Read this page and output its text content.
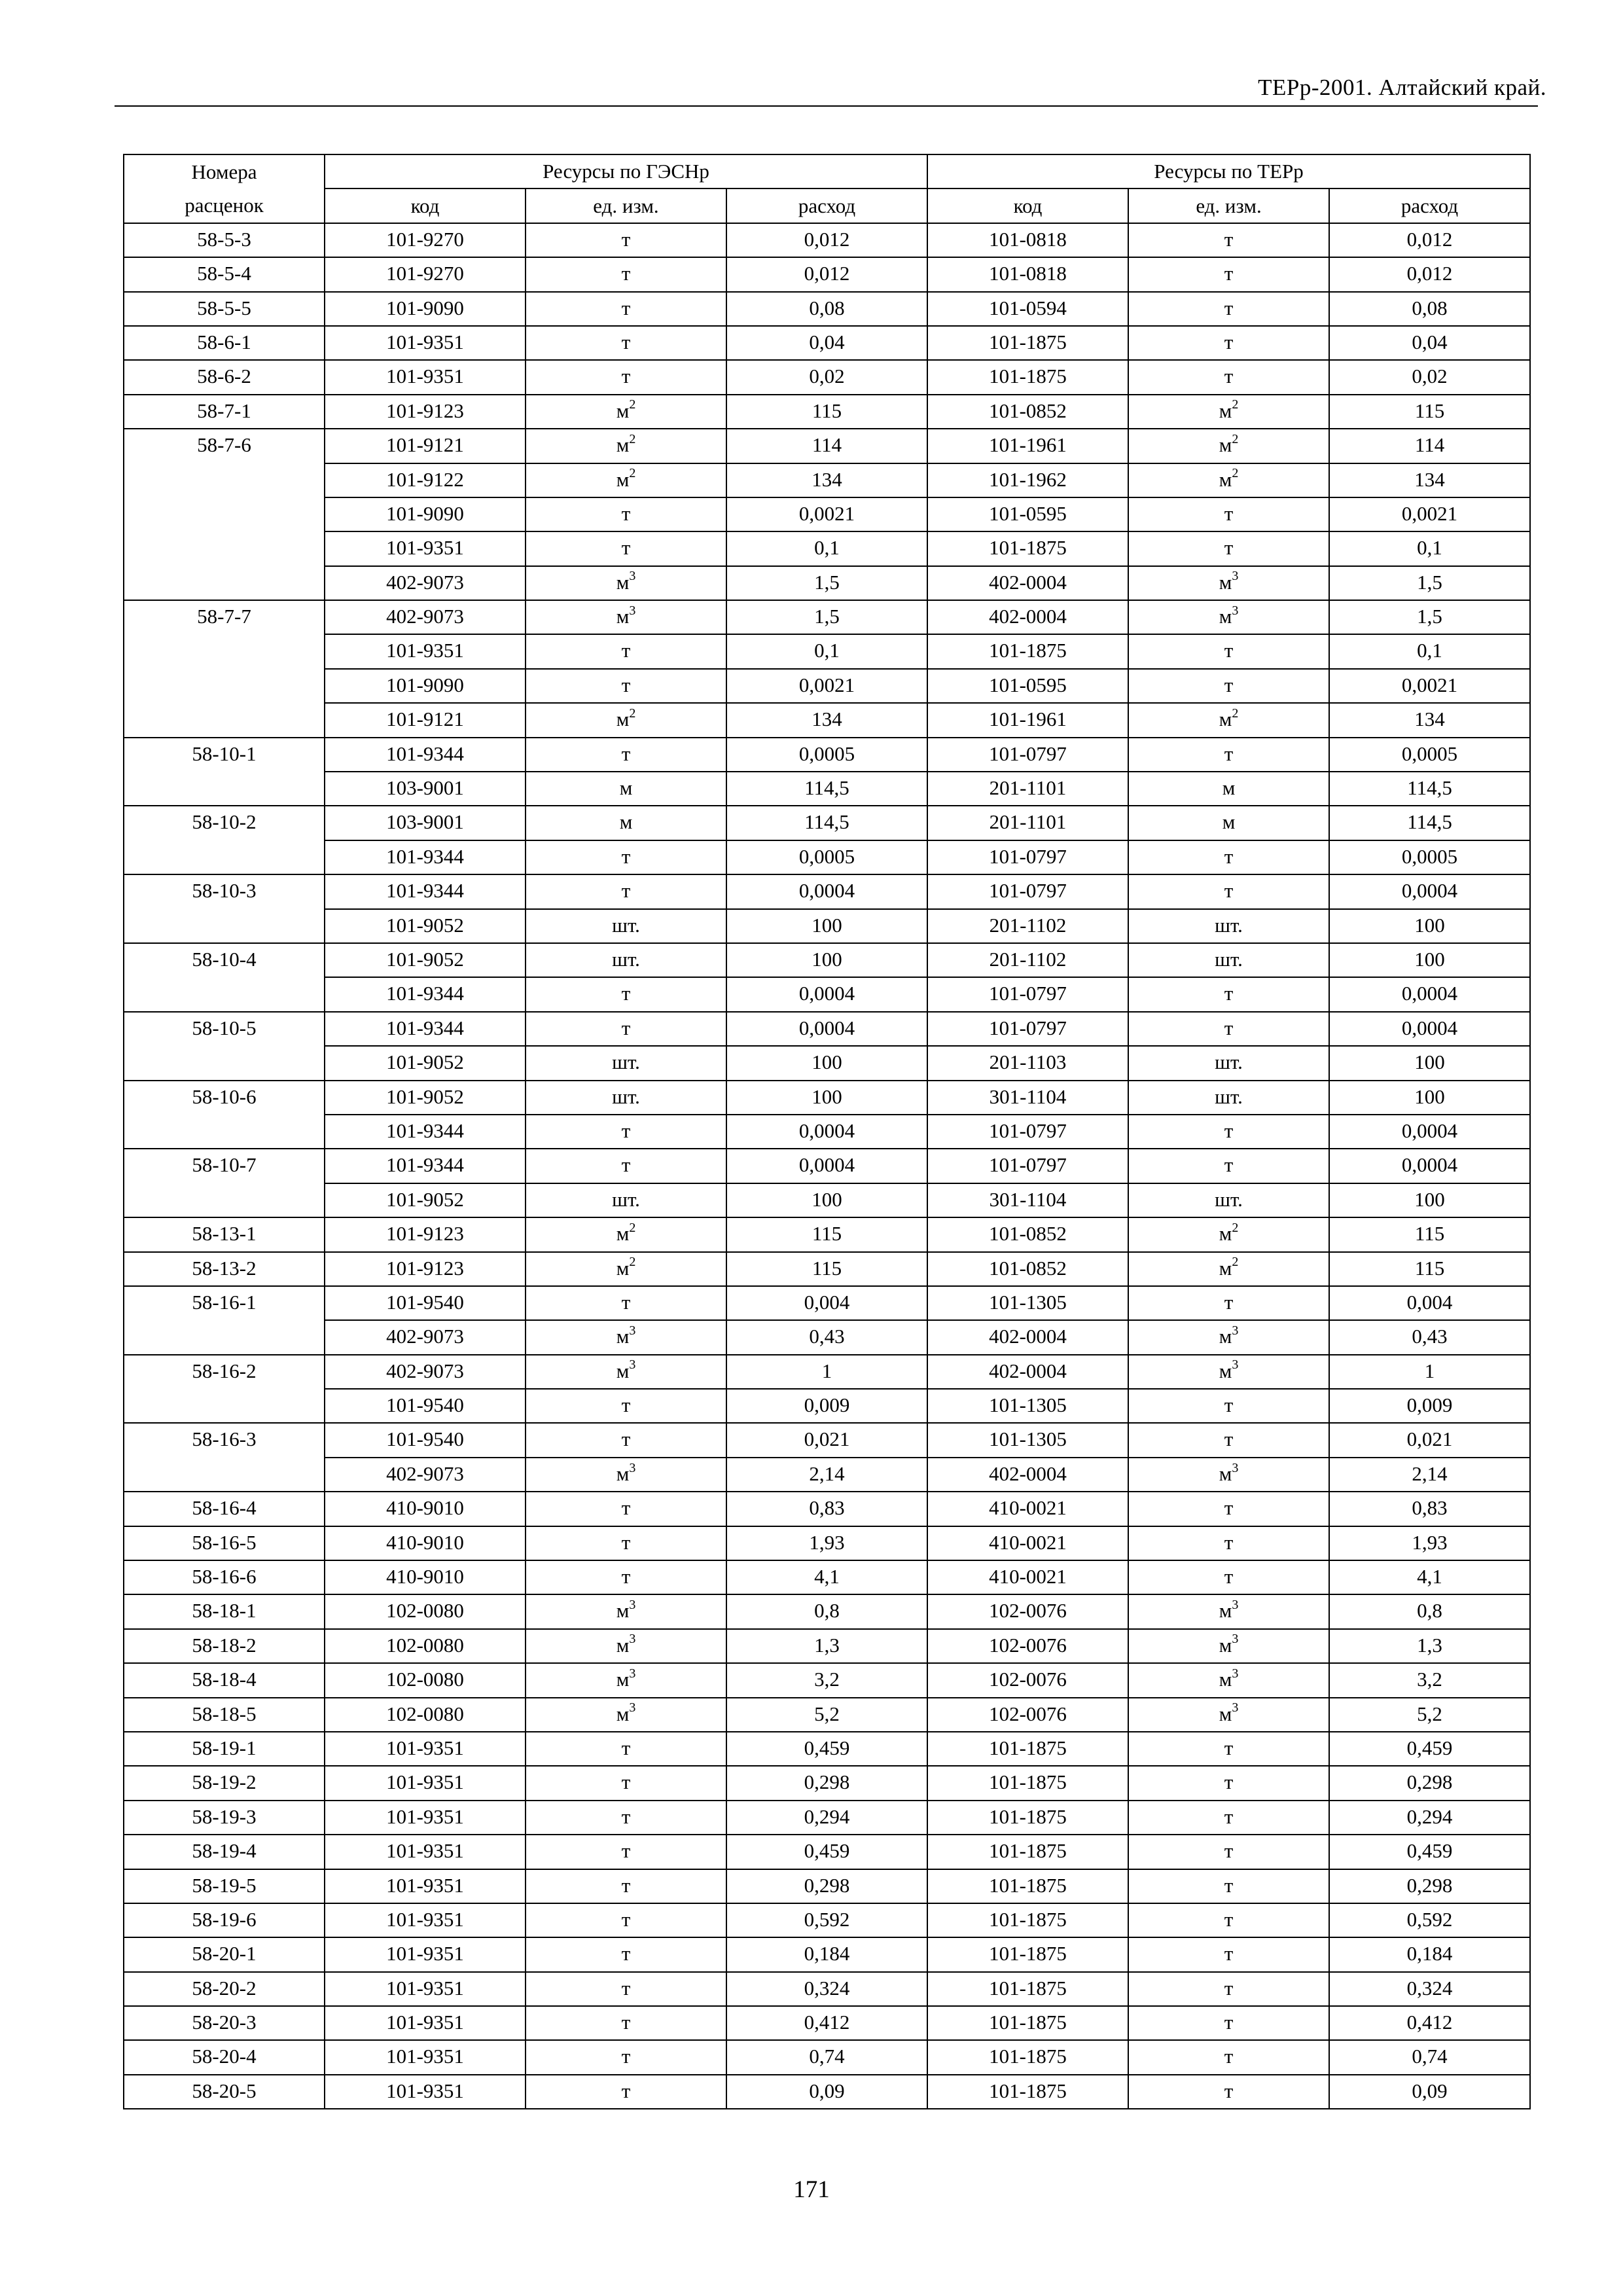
ТЕРр-2001. Алтайский край.
Номера	Ресурсы по ГЭСНр			Ресурсы по ТЕРр		
расценок	код	ед. изм.	расход	код	ед. изм.	расход
58-5-3	101-9270	т	0,012	101-0818	т	0,012
58-5-4	101-9270	т	0,012	101-0818	т	0,012
58-5-5	101-9090	т	0,08	101-0594	т	0,08
58-6-1	101-9351	т	0,04	101-1875	т	0,04
58-6-2	101-9351	т	0,02	101-1875	т	0,02
58-7-1	101-9123	$м^2$	115	101-0852	$м^2$	115
58-7-6	101-9121	$м^2$	114	101-1961	$м^2$	114
	101-9122	$м^2$	134	101-1962	$м^2$	134
	101-9090	т	0,0021	101-0595	т	0,0021
	101-9351	т	0,1	101-1875	т	0,1
	402-9073	$м^3$	1,5	402-0004	$м^3$	1,5
58-7-7	402-9073	$м^3$	1,5	402-0004	$м^3$	1,5
	101-9351	т	0,1	101-1875	т	0,1
	101-9090	т	0,0021	101-0595	т	0,0021
	101-9121	$м^2$	134	101-1961	$м^2$	134
58-10-1	101-9344	т	0,0005	101-0797	т	0,0005
	103-9001	м	114,5	201-1101	м	114,5
58-10-2	103-9001	м	114,5	201-1101	м	114,5
	101-9344	т	0,0005	101-0797	т	0,0005
58-10-3	101-9344	т	0,0004	101-0797	т	0,0004
	101-9052	шт.	100	201-1102	шт.	100
58-10-4	101-9052	шт.	100	201-1102	шт.	100
	101-9344	т	0,0004	101-0797	т	0,0004
58-10-5	101-9344	т	0,0004	101-0797	т	0,0004
	101-9052	шт.	100	201-1103	шт.	100
58-10-6	101-9052	шт.	100	301-1104	шт.	100
	101-9344	т	0,0004	101-0797	т	0,0004
58-10-7	101-9344	т	0,0004	101-0797	т	0,0004
	101-9052	шт.	100	301-1104	шт.	100
58-13-1	101-9123	$м^2$	115	101-0852	$м^2$	115
58-13-2	101-9123	$м^2$	115	101-0852	$м^2$	115
58-16-1	101-9540	т	0,004	101-1305	т	0,004
	402-9073	$м^3$	0,43	402-0004	$м^3$	0,43
58-16-2	402-9073	$м^3$	1	402-0004	$м^3$	1
	101-9540	т	0,009	101-1305	т	0,009
58-16-3	101-9540	т	0,021	101-1305	т	0,021
	402-9073	$м^3$	2,14	402-0004	$м^3$	2,14
58-16-4	410-9010	т	0,83	410-0021	т	0,83
58-16-5	410-9010	т	1,93	410-0021	т	1,93
58-16-6	410-9010	т	4,1	410-0021	т	4,1
58-18-1	102-0080	$м^3$	0,8	102-0076	$м^3$	0,8
58-18-2	102-0080	$м^3$	1,3	102-0076	$м^3$	1,3
58-18-4	102-0080	$м^3$	3,2	102-0076	$м^3$	3,2
58-18-5	102-0080	$м^3$	5,2	102-0076	$м^3$	5,2
58-19-1	101-9351	т	0,459	101-1875	т	0,459
58-19-2	101-9351	т	0,298	101-1875	т	0,298
58-19-3	101-9351	т	0,294	101-1875	т	0,294
58-19-4	101-9351	т	0,459	101-1875	т	0,459
58-19-5	101-9351	т	0,298	101-1875	т	0,298
58-19-6	101-9351	т	0,592	101-1875	т	0,592
58-20-1	101-9351	т	0,184	101-1875	т	0,184
58-20-2	101-9351	т	0,324	101-1875	т	0,324
58-20-3	101-9351	т	0,412	101-1875	т	0,412
58-20-4	101-9351	т	0,74	101-1875	т	0,74
58-20-5	101-9351	т	0,09	101-1875	т	0,09
171
